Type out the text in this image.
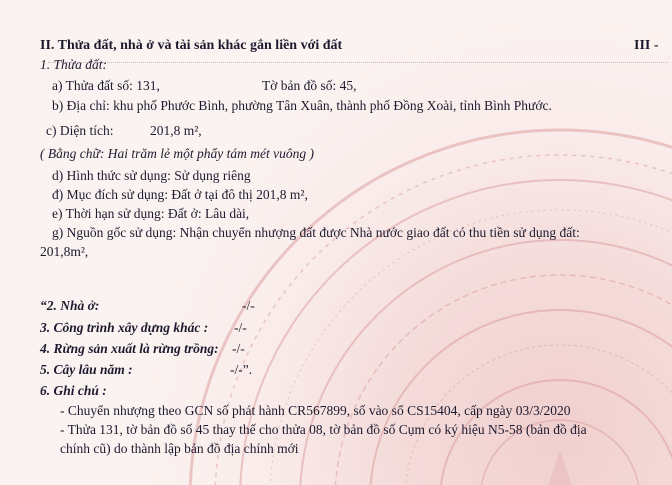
II. Thửa đất, nhà ở và tài sản khác gắn liền với đất	III -
1. Thửa đất:
a) Thửa đất số: 131,	Tờ bản đồ số: 45,
b) Địa chỉ: khu phố Phước Bình, phường Tân Xuân, thành phố Đồng Xoài, tỉnh Bình Phước.
c) Diện tích:	201,8 m²,
( Bằng chữ: Hai trăm lẻ một phẩy tám mét vuông )
d) Hình thức sử dụng: Sử dụng riêng
đ) Mục đích sử dụng: Đất ở tại đô thị 201,8 m²,
e) Thời hạn sử dụng: Đất ở: Lâu dài,
g) Nguồn gốc sử dụng: Nhận chuyển nhượng đất được Nhà nước giao đất có thu tiền sử dụng đất:
201,8m²,
“2. Nhà ở:	-/-
3. Công trình xây dựng khác : -/-
4. Rừng sản xuất là rừng trồng: -/-
5. Cây lâu năm :	-/-”.
6. Ghi chú :
- Chuyển nhượng theo GCN số phát hành CR567899, số vào sổ CS15404, cấp ngày 03/3/2020
- Thửa 131, tờ bản đồ số 45 thay thế cho thửa 08, tờ bản đồ số Cụm có ký hiệu N5-58 (bản đồ địa
chính cũ) do thành lập bản đồ địa chính mới
